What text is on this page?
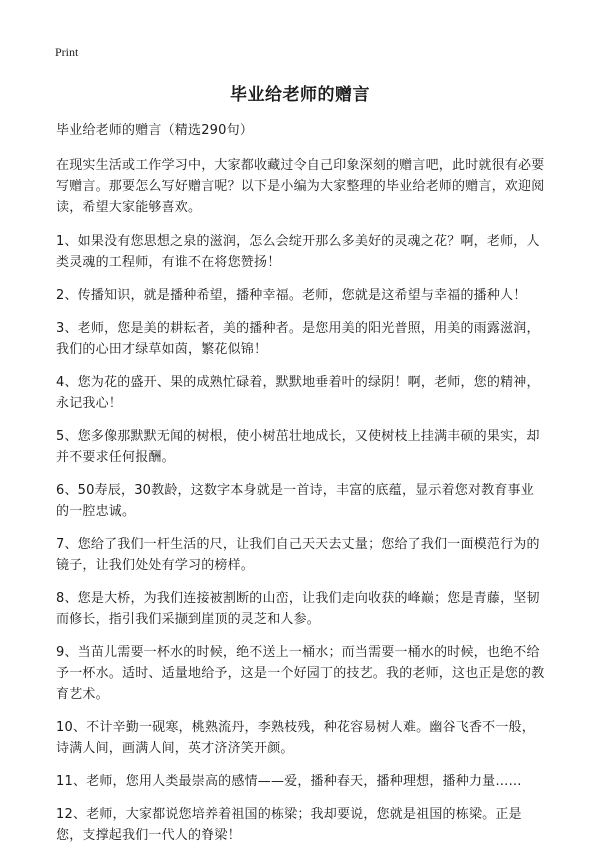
Print
毕业给老师的赠言

毕业给老师的赠言（精选290句）

在现实生活或工作学习中，大家都收藏过令自己印象深刻的赠言吧，此时就很有必要写赠言。那要怎么写好赠言呢？以下是小编为大家整理的毕业给老师的赠言，欢迎阅读，希望大家能够喜欢。

1、如果没有您思想之泉的滋润，怎么会绽开那么多美好的灵魂之花？啊，老师，人类灵魂的工程师，有谁不在将您赞扬！

2、传播知识，就是播种希望，播种幸福。老师，您就是这希望与幸福的播种人！

3、老师，您是美的耕耘者，美的播种者。是您用美的阳光普照，用美的雨露滋润，我们的心田才绿草如茵，繁花似锦！

4、您为花的盛开、果的成熟忙碌着，默默地垂着叶的绿阴！啊，老师，您的精神，永记我心！

5、您多像那默默无闻的树根，使小树茁壮地成长，又使树枝上挂满丰硕的果实，却并不要求任何报酬。

6、50寿辰，30教龄，这数字本身就是一首诗，丰富的底蕴，显示着您对教育事业的一腔忠诚。

7、您给了我们一杆生活的尺，让我们自己天天去丈量；您给了我们一面模范行为的镜子，让我们处处有学习的榜样。

8、您是大桥，为我们连接被割断的山峦，让我们走向收获的峰巅；您是青藤，坚韧而修长，指引我们采撷到崖顶的灵芝和人参。

9、当苗儿需要一杯水的时候，绝不送上一桶水；而当需要一桶水的时候，也绝不给予一杯水。适时、适量地给予，这是一个好园丁的技艺。我的老师，这也正是您的教育艺术。

10、不计辛勤一砚寒，桃熟流丹，李熟枝残，种花容易树人难。幽谷飞香不一般，诗满人间，画满人间，英才济济笑开颜。

11、老师，您用人类最崇高的感情——爱，播种春天，播种理想，播种力量……

12、老师，大家都说您培养着祖国的栋梁；我却要说，您就是祖国的栋梁。正是您，支撑起我们一代人的脊梁！
